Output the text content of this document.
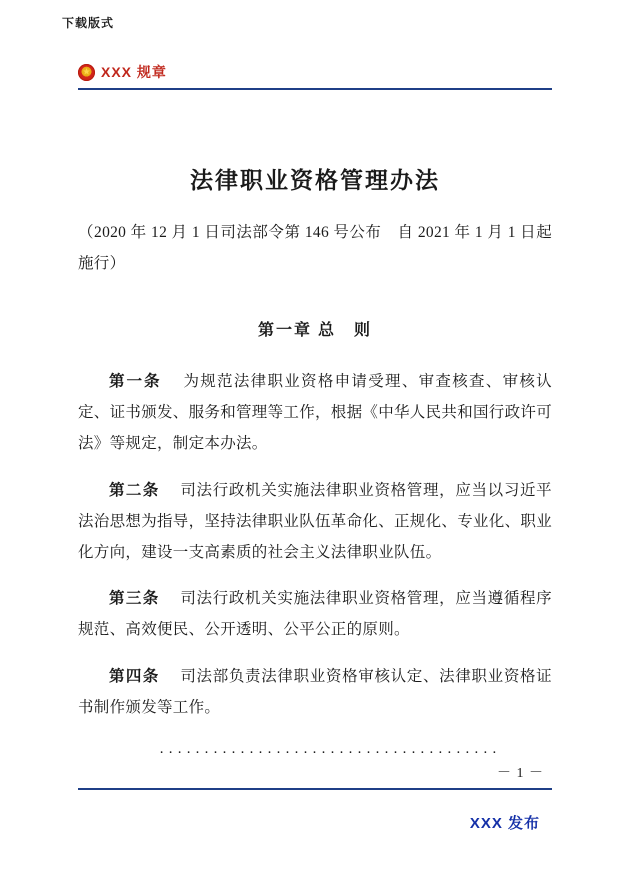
下载版式
★
XXX 规章
法律职业资格管理办法
（2020 年 12 月 1 日司法部令第 146 号公布　自 2021 年 1 月 1 日起施行）
第一章 总　则

第一条 　 为规范法律职业资格申请受理、审查核查、审核认定、证书颁发、服务和管理等工作，根据《中华人民共和国行政许可法》等规定，制定本办法。

第二条 　 司法行政机关实施法律职业资格管理，应当以习近平法治思想为指导，坚持法律职业队伍革命化、正规化、专业化、职业化方向，建设一支高素质的社会主义法律职业队伍。

第三条 　 司法行政机关实施法律职业资格管理，应当遵循程序规范、高效便民、公开透明、公平公正的原则。

第四条 　 司法部负责法律职业资格审核认定、法律职业资格证书制作颁发等工作。

······································
－ 1 －
XXX 发布
